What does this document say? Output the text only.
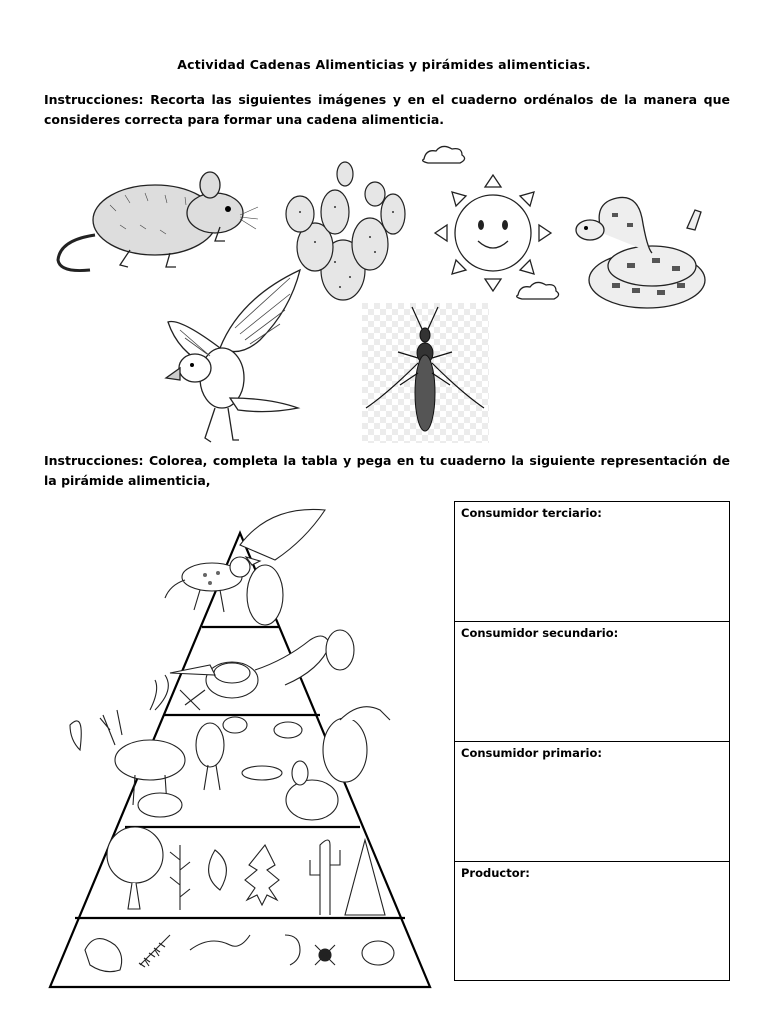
Actividad Cadenas Alimenticias y pirámides alimenticias.
Instrucciones: Recorta las siguientes imágenes y en el cuaderno ordénalos de la manera que consideres correcta para formar una cadena alimenticia.
Instrucciones: Colorea, completa la tabla y pega en tu cuaderno la siguiente representación de la pirámide alimenticia,
Consumidor terciario:
Consumidor secundario:
Consumidor primario:
Productor:
